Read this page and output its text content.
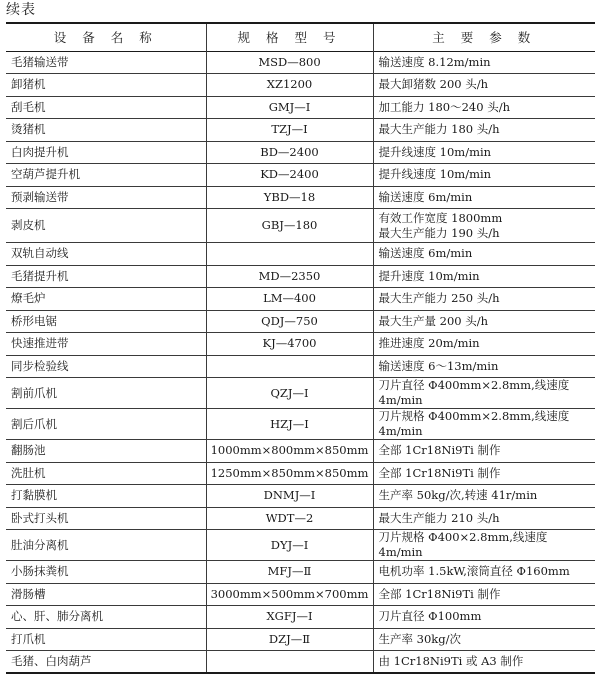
续表
设 备 名 称	规 格 型 号	主 要 参 数
毛猪输送带	MSD—800	输送速度 8.12m/min

卸猪机	XZ1200	最大卸猪数 200 头/h

刮毛机	GMJ—Ⅰ	加工能力 180～240 头/h

烫猪机	TZJ—Ⅰ	最大生产能力 180 头/h

白肉提升机	BD—2400	提升线速度 10m/min

空葫芦提升机	KD—2400	提升线速度 10m/min

预剥输送带	YBD—18	输送速度 6m/min

剥皮机	GBJ—180	有效工作宽度 1800mm
最大生产能力 190 头/h

双轨自动线		输送速度 6m/min

毛猪提升机	MD—2350	提升速度 10m/min

燎毛炉	LM—400	最大生产能力 250 头/h

桥形电锯	QDJ—750	最大生产量 200 头/h

快速推进带	KJ—4700	推进速度 20m/min

同步检验线		输送速度 6～13m/min

割前爪机	QZJ—Ⅰ	刀片直径 Φ400mm×2.8mm,线速度 4m/min

割后爪机	HZJ—Ⅰ	刀片规格 Φ400mm×2.8mm,线速度 4m/min

翻肠池	1000mm×800mm×850mm	全部 1Cr18Ni9Ti 制作

洗肚机	1250mm×850mm×850mm	全部 1Cr18Ni9Ti 制作

打黏膜机	DNMJ—Ⅰ	生产率 50kg/次,转速 41r/min

卧式打头机	WDT—2	最大生产能力 210 头/h

肚油分离机	DYJ—Ⅰ	刀片规格 Φ400×2.8mm,线速度 4m/min

小肠抹粪机	MFJ—Ⅱ	电机功率 1.5kW,滚筒直径 Φ160mm

滑肠槽	3000mm×500mm×700mm	全部 1Cr18Ni9Ti 制作

心、肝、肺分离机	XGFJ—Ⅰ	刀片直径 Φ100mm

打爪机	DZJ—Ⅱ	生产率 30kg/次

毛猪、白肉葫芦		由 1Cr18Ni9Ti 或 A3 制作
